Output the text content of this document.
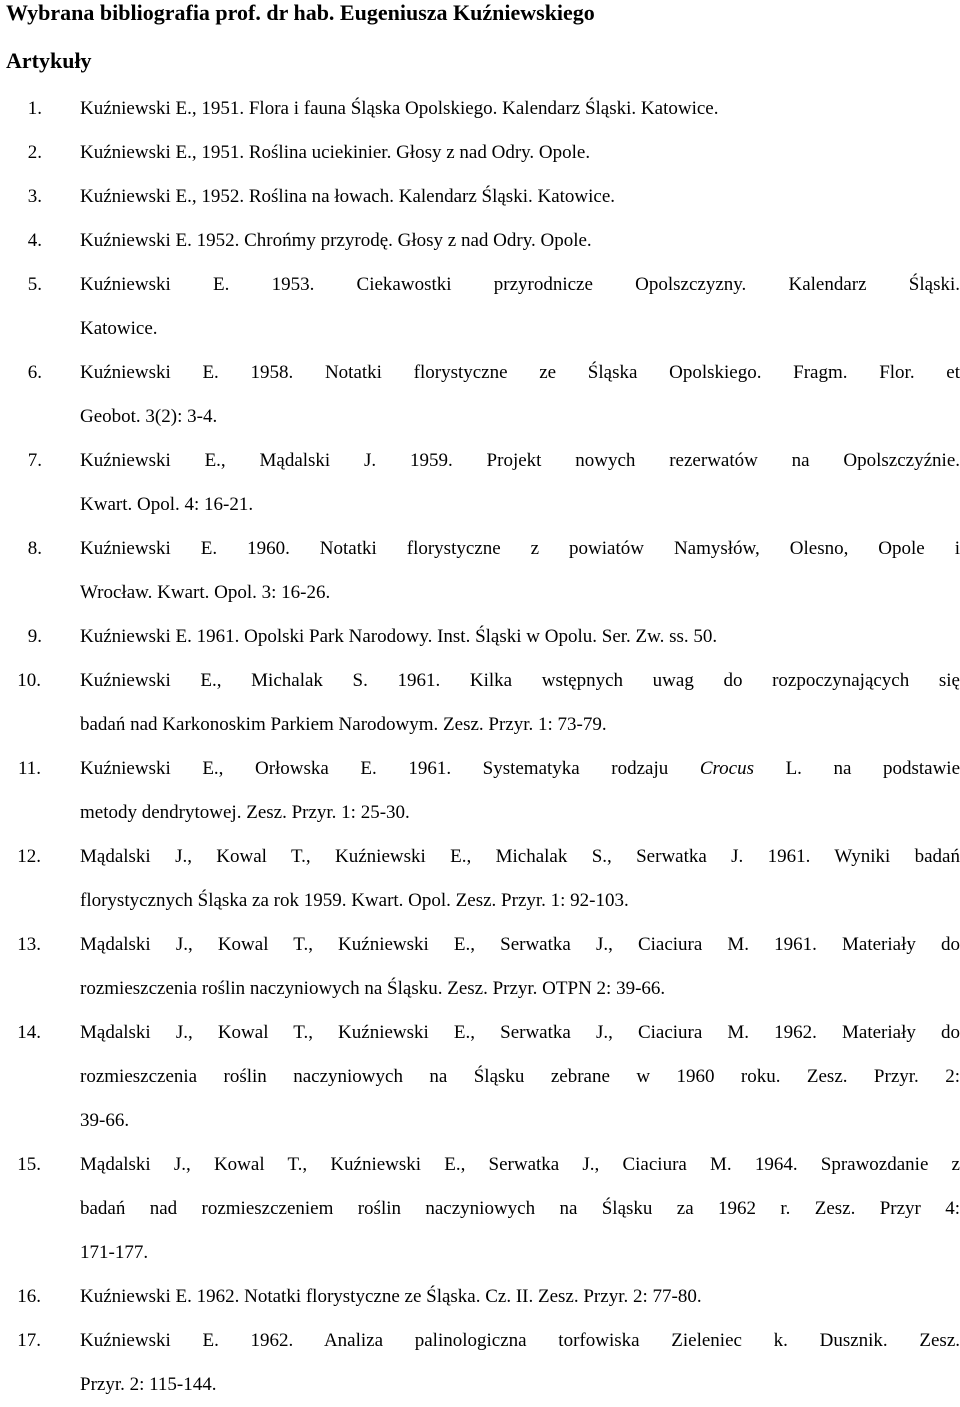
Wybrana bibliografia prof. dr hab. Eugeniusza Kuźniewskiego
Artykuły
1. Kuźniewski E., 1951. Flora i fauna Śląska Opolskiego. Kalendarz Śląski. Katowice.
2. Kuźniewski E., 1951. Roślina uciekinier. Głosy z nad Odry. Opole.
3. Kuźniewski E., 1952. Roślina na łowach. Kalendarz Śląski. Katowice.
4. Kuźniewski E. 1952. Chrońmy przyrodę. Głosy z nad Odry. Opole.
5. Kuźniewski E. 1953. Ciekawostki przyrodnicze Opolszczyzny. Kalendarz Śląski.
Katowice.
6. Kuźniewski E. 1958. Notatki florystyczne ze Śląska Opolskiego. Fragm. Flor. et
Geobot. 3(2): 3-4.
7. Kuźniewski E., Mądalski J. 1959. Projekt nowych rezerwatów na Opolszczyźnie.
Kwart. Opol. 4: 16-21.
8. Kuźniewski E. 1960. Notatki florystyczne z powiatów Namysłów, Olesno, Opole i
Wrocław. Kwart. Opol. 3: 16-26.
9. Kuźniewski E. 1961. Opolski Park Narodowy. Inst. Śląski w Opolu. Ser. Zw. ss. 50.
10. Kuźniewski E., Michalak S. 1961. Kilka wstępnych uwag do rozpoczynających się
badań nad Karkonoskim Parkiem Narodowym. Zesz. Przyr. 1: 73-79.
11. Kuźniewski E., Orłowska E. 1961. Systematyka rodzaju Crocus L. na podstawie
metody dendrytowej. Zesz. Przyr. 1: 25-30.
12. Mądalski J., Kowal T., Kuźniewski E., Michalak S., Serwatka J. 1961. Wyniki badań
florystycznych Śląska za rok 1959. Kwart. Opol. Zesz. Przyr. 1: 92-103.
13. Mądalski J., Kowal T., Kuźniewski E., Serwatka J., Ciaciura M. 1961. Materiały do
rozmieszczenia roślin naczyniowych na Śląsku. Zesz. Przyr. OTPN 2: 39-66.
14. Mądalski J., Kowal T., Kuźniewski E., Serwatka J., Ciaciura M. 1962. Materiały do
rozmieszczenia roślin naczyniowych na Śląsku zebrane w 1960 roku. Zesz. Przyr. 2:
39-66.
15. Mądalski J., Kowal T., Kuźniewski E., Serwatka J., Ciaciura M. 1964. Sprawozdanie z
badań nad rozmieszczeniem roślin naczyniowych na Śląsku za 1962 r. Zesz. Przyr 4:
171-177.
16. Kuźniewski E. 1962. Notatki florystyczne ze Śląska. Cz. II. Zesz. Przyr. 2: 77-80.
17. Kuźniewski E. 1962. Analiza palinologiczna torfowiska Zieleniec k. Dusznik. Zesz.
Przyr. 2: 115-144.
